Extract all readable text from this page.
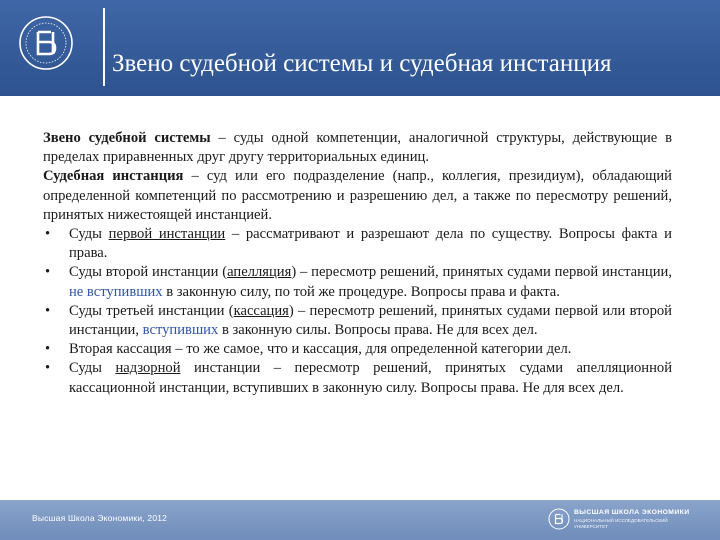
Звено судебной системы и судебная инстанция

Звено судебной системы – суды одной компетенции, аналогичной структуры, действующие в пределах приравненных друг другу территориальных единиц.

Судебная инстанция – суд или его подразделение (напр., коллегия, президиум), обладающий определенной компетенций по рассмотрению и разрешению дел, а также по пересмотру решений, принятых нижестоящей инстанцией.

• Суды первой инстанции – рассматривают и разрешают дела по существу. Вопросы факта и права.
• Суды второй инстанции (апелляция) – пересмотр решений, принятых судами первой инстанции, не вступивших в законную силу, по той же процедуре. Вопросы права и факта.
• Суды третьей инстанции (кассация) – пересмотр решений, принятых судами первой или второй инстанции, вступивших в законную силы. Вопросы права. Не для всех дел.
• Вторая кассация – то же самое, что и кассация, для определенной категории дел.
• Суды надзорной инстанции – пересмотр решений, принятых судами апелляционной кассационной инстанции, вступивших в законную силу. Вопросы права. Не для всех дел.
Высшая Школа Экономики, 2012
ВЫСШАЯ ШКОЛА ЭКОНОМИКИ
НАЦИОНАЛЬНЫЙ ИССЛЕДОВАТЕЛЬСКИЙ УНИВЕРСИТЕТ
